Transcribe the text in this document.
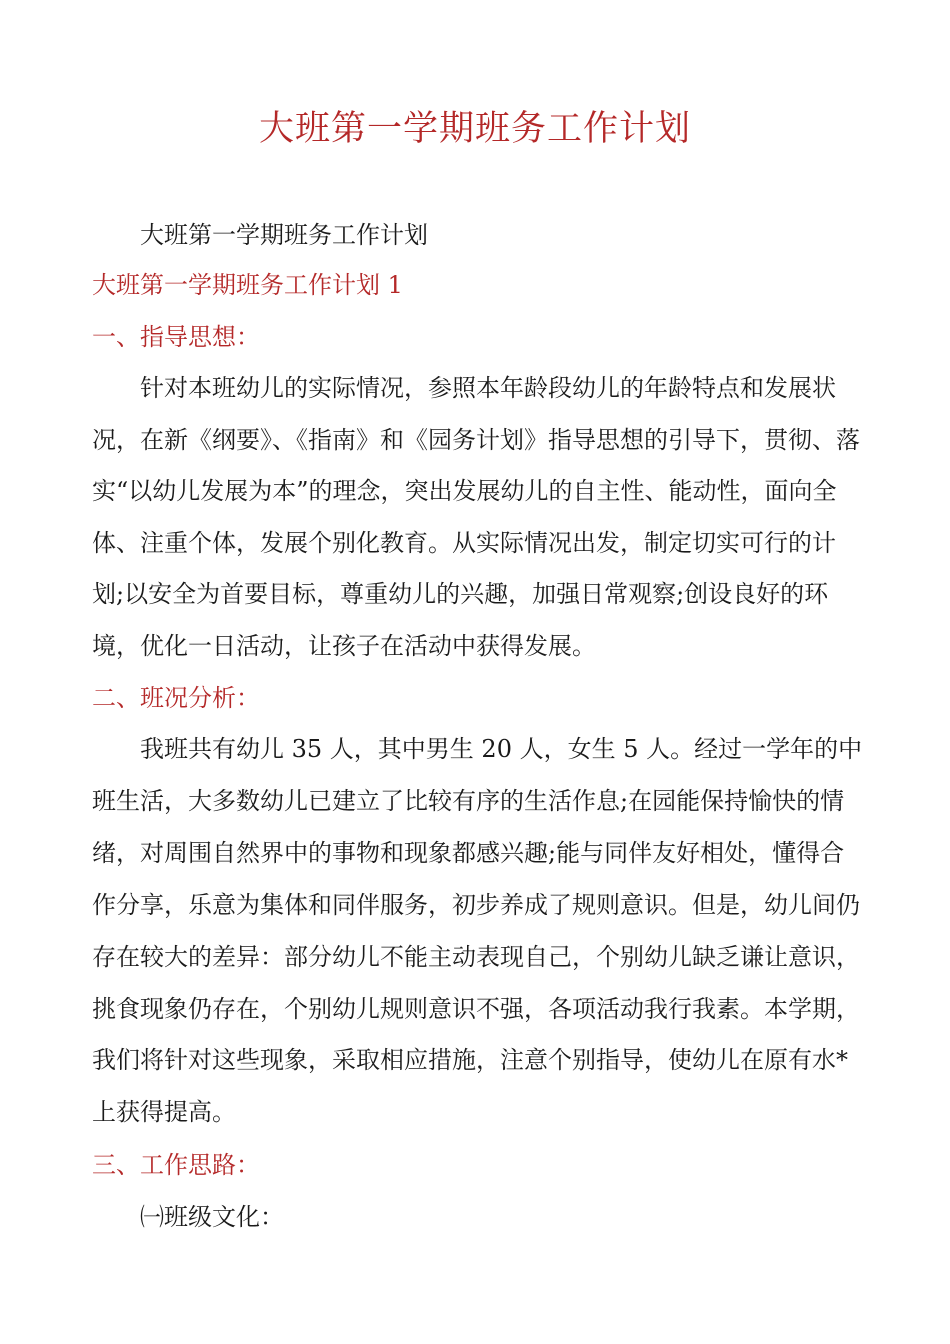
大班第一学期班务工作计划
大班第一学期班务工作计划
大班第一学期班务工作计划 1
一、指导思想：
针对本班幼儿的实际情况，参照本年龄段幼儿的年龄特点和发展状
况，在新《纲要》、《指南》和《园务计划》指导思想的引导下，贯彻、落
实“以幼儿发展为本”的理念，突出发展幼儿的自主性、能动性，面向全
体、注重个体，发展个别化教育。从实际情况出发，制定切实可行的计
划;以安全为首要目标，尊重幼儿的兴趣，加强日常观察;创设良好的环
境，优化一日活动，让孩子在活动中获得发展。
二、班况分析：
我班共有幼儿 35 人，其中男生 20 人，女生 5 人。经过一学年的中
班生活，大多数幼儿已建立了比较有序的生活作息;在园能保持愉快的情
绪，对周围自然界中的事物和现象都感兴趣;能与同伴友好相处，懂得合
作分享，乐意为集体和同伴服务，初步养成了规则意识。但是，幼儿间仍
存在较大的差异：部分幼儿不能主动表现自己，个别幼儿缺乏谦让意识，
挑食现象仍存在，个别幼儿规则意识不强，各项活动我行我素。本学期，
我们将针对这些现象，采取相应措施，注意个别指导，使幼儿在原有水*
上获得提高。
三、工作思路：
㈠班级文化：
